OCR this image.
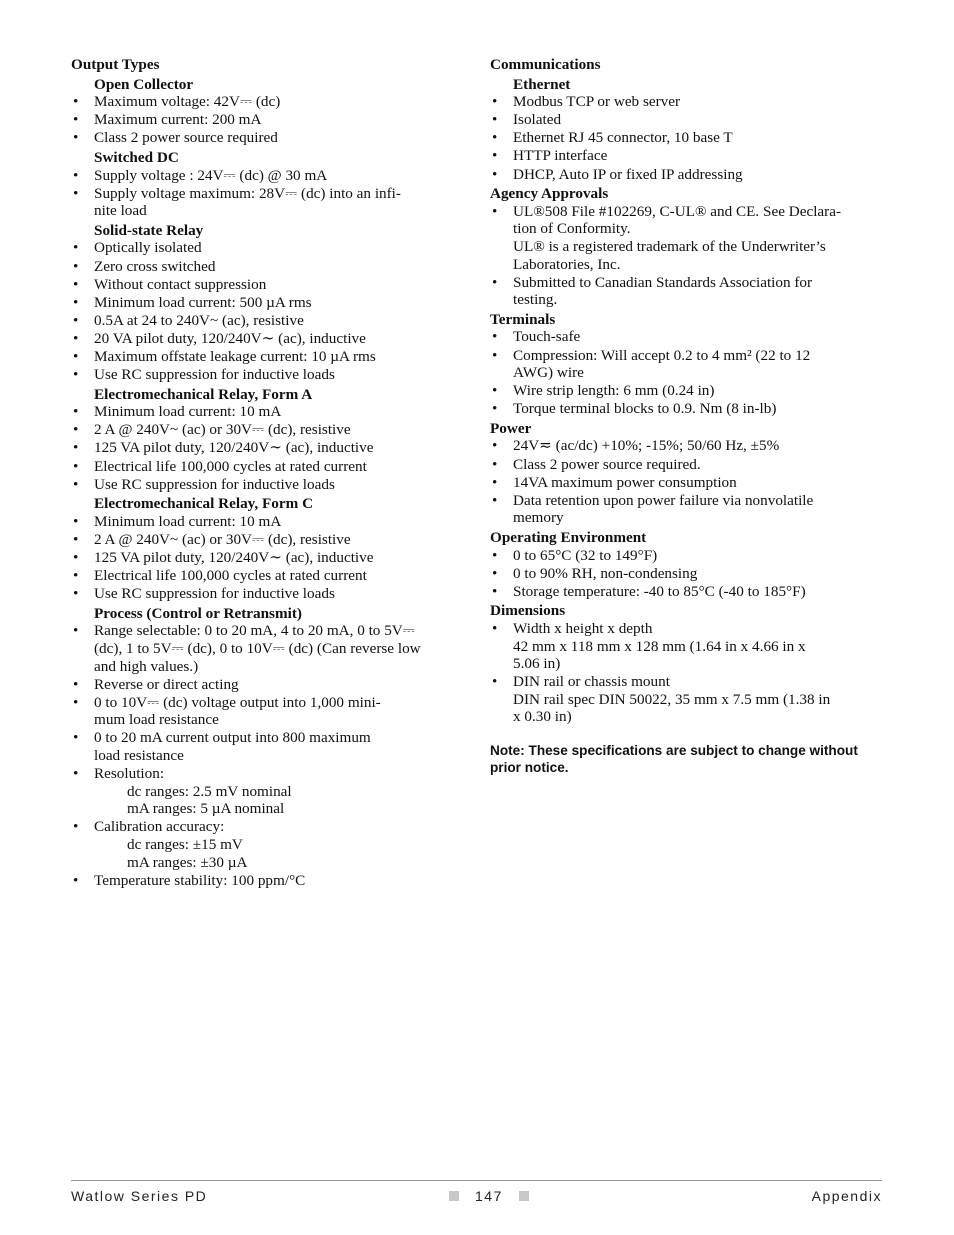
Output Types
Open Collector
• Maximum voltage: 42V⎓ (dc)
• Maximum current: 200 mA
• Class 2 power source required
Switched DC
• Supply voltage : 24V⎓ (dc) @ 30 mA
• Supply voltage maximum: 28V⎓ (dc) into an infi-
nite load
Solid-state Relay
• Optically isolated
• Zero cross switched
• Without contact suppression
• Minimum load current: 500 µA rms
• 0.5A at 24 to 240V~ (ac), resistive
• 20 VA pilot duty, 120/240V∼ (ac), inductive
• Maximum offstate leakage current: 10 µA rms
• Use RC suppression for inductive loads
Electromechanical Relay, Form A
• Minimum load current: 10 mA
• 2 A @ 240V~ (ac) or 30V⎓ (dc), resistive
• 125 VA pilot duty, 120/240V∼ (ac), inductive
• Electrical life 100,000 cycles at rated current
• Use RC suppression for inductive loads
Electromechanical Relay, Form C
• Minimum load current: 10 mA
• 2 A @ 240V~ (ac) or 30V⎓ (dc), resistive
• 125 VA pilot duty, 120/240V∼ (ac), inductive
• Electrical life 100,000 cycles at rated current
• Use RC suppression for inductive loads
Process (Control or Retransmit)
• Range selectable: 0 to 20 mA, 4 to 20 mA, 0 to 5V⎓
(dc), 1 to 5V⎓ (dc), 0 to 10V⎓ (dc) (Can reverse low
and high values.)
• Reverse or direct acting
• 0 to 10V⎓ (dc) voltage output into 1,000 mini-
mum load resistance
• 0 to 20 mA current output into 800 maximum
load resistance
• Resolution:
dc ranges: 2.5 mV nominal
mA ranges: 5 µA nominal
• Calibration accuracy:
dc ranges: ±15 mV
mA ranges: ±30 µA
• Temperature stability: 100 ppm/°C
Communications
Ethernet
• Modbus TCP or web server
• Isolated
• Ethernet RJ 45 connector, 10 base T
• HTTP interface
• DHCP, Auto IP or fixed IP addressing
Agency Approvals
• UL®508 File #102269, C-UL® and CE. See Declara-
tion of Conformity.
UL® is a registered trademark of the Underwriter’s
Laboratories, Inc.
• Submitted to Canadian Standards Association for
testing.
Terminals
• Touch-safe
• Compression: Will accept 0.2 to 4 mm² (22 to 12
AWG) wire
• Wire strip length: 6 mm (0.24 in)
• Torque terminal blocks to 0.9. Nm (8 in-lb)
Power
• 24V≂ (ac/dc) +10%; -15%; 50/60 Hz, ±5%
• Class 2 power source required.
• 14VA maximum power consumption
• Data retention upon power failure via nonvolatile
memory
Operating Environment
• 0 to 65°C (32 to 149°F)
• 0 to 90% RH, non-condensing
• Storage temperature: -40 to 85°C (-40 to 185°F)
Dimensions
• Width x height x depth
42 mm x 118 mm x 128 mm (1.64 in x 4.66 in x
5.06 in)
• DIN rail or chassis mount
DIN rail spec DIN 50022, 35 mm x 7.5 mm (1.38 in
x 0.30 in)
Note: These specifications are subject to change without prior notice.
Watlow Series PD	147	Appendix
